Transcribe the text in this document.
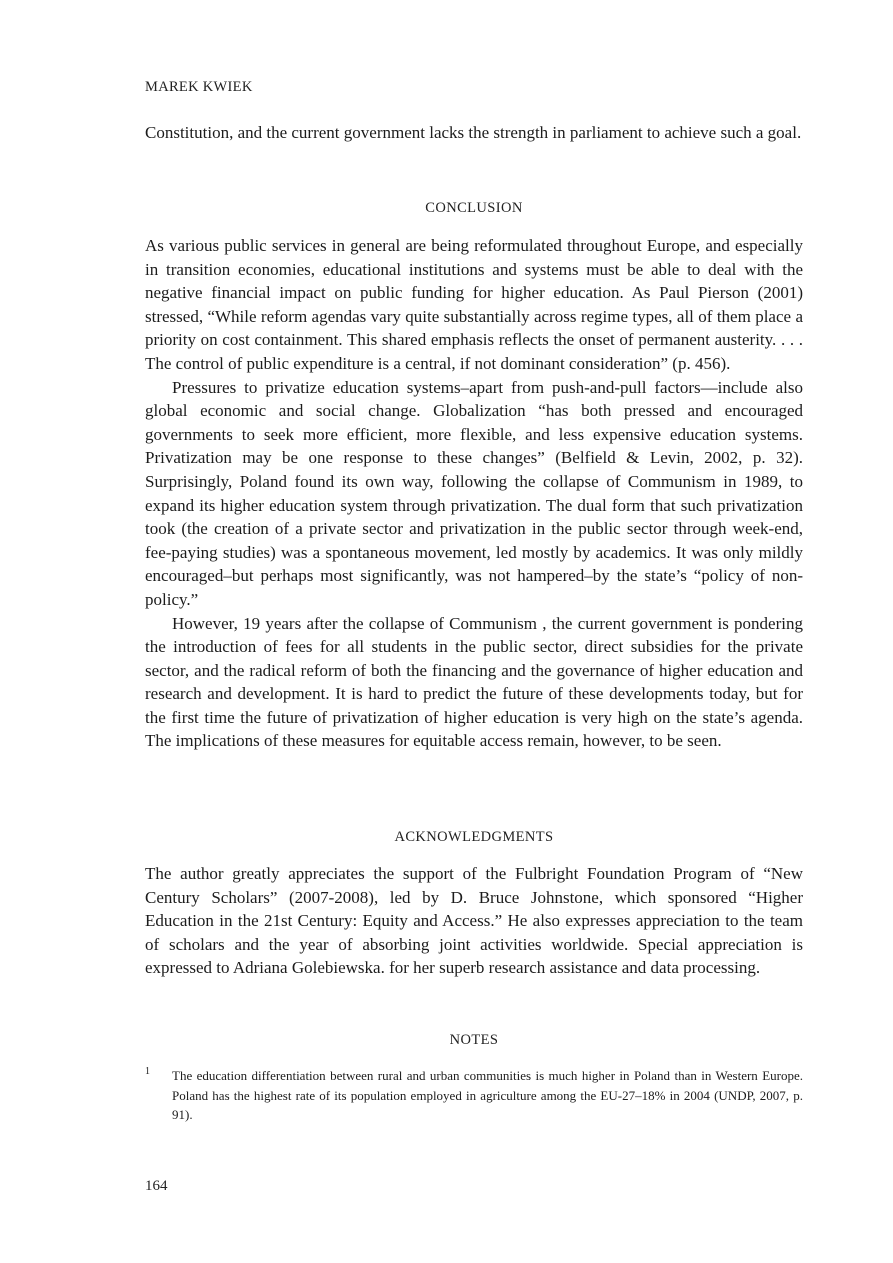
MAREK KWIEK

Constitution, and the current government lacks the strength in parliament to achieve such a goal.

CONCLUSION

As various public services in general are being reformulated throughout Europe, and especially in transition economies, educational institutions and systems must be able to deal with the negative financial impact on public funding for higher education. As Paul Pierson (2001) stressed, “While reform agendas vary quite substantially across regime types, all of them place a priority on cost containment. This shared emphasis reflects the onset of permanent austerity. . . . The control of public expenditure is a central, if not dominant consideration” (p. 456).

Pressures to privatize education systems–apart from push-and-pull factors—include also global economic and social change. Globalization “has both pressed and encouraged governments to seek more efficient, more flexible, and less expensive education systems. Privatization may be one response to these changes” (Belfield & Levin, 2002, p. 32). Surprisingly, Poland found its own way, following the collapse of Communism in 1989, to expand its higher education system through privatization. The dual form that such privatization took (the creation of a private sector and privatization in the public sector through week-end, fee-paying studies) was a spontaneous movement, led mostly by academics. It was only mildly encouraged–but perhaps most significantly, was not hampered–by the state’s “policy of non-policy.”

However, 19 years after the collapse of Communism , the current government is pondering the introduction of fees for all students in the public sector, direct subsidies for the private sector, and the radical reform of both the financing and the governance of higher education and research and development. It is hard to predict the future of these developments today, but for the first time the future of privatization of higher education is very high on the state’s agenda. The implications of these measures for equitable access remain, however, to be seen.

ACKNOWLEDGMENTS

The author greatly appreciates the support of the Fulbright Foundation Program of “New Century Scholars” (2007-2008), led by D. Bruce Johnstone, which sponsored “Higher Education in the 21st Century: Equity and Access.” He also expresses appreciation to the team of scholars and the year of absorbing joint activities worldwide. Special appreciation is expressed to Adriana Golebiewska. for her superb research assistance and data processing.

NOTES
1 The education differentiation between rural and urban communities is much higher in Poland than in Western Europe. Poland has the highest rate of its population employed in agriculture among the EU-27–18% in 2004 (UNDP, 2007, p. 91).
164
